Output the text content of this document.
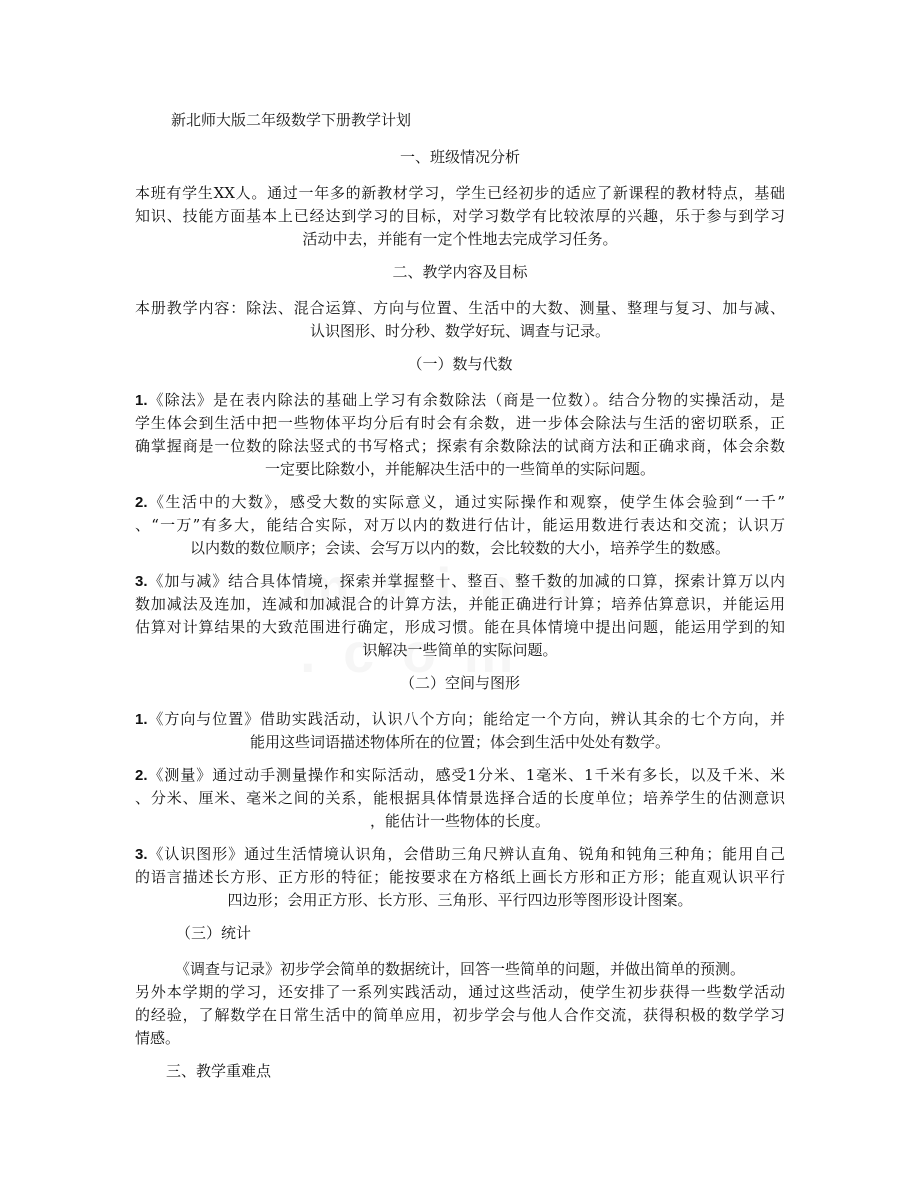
新北师大版二年级数学下册教学计划

一、班级情况分析

本班有学生XX人。通过一年多的新教材学习，学生已经初步的适应了新课程的教材特点，基础

知识、技能方面基本上已经达到学习的目标，对学习数学有比较浓厚的兴趣，乐于参与到学习

活动中去，并能有一定个性地去完成学习任务。

二、教学内容及目标

本册教学内容：除法、混合运算、方向与位置、生活中的大数、测量、整理与复习、加与减、

认识图形、时分秒、数学好玩、调查与记录。

（一）数与代数

1.《除法》是在表内除法的基础上学习有余数除法（商是一位数）。结合分物的实操活动，是

学生体会到生活中把一些物体平均分后有时会有余数，进一步体会除法与生活的密切联系，正

确掌握商是一位数的除法竖式的书写格式；探索有余数除法的试商方法和正确求商，体会余数

一定要比除数小，并能解决生活中的一些简单的实际问题。

2.《生活中的大数》，感受大数的实际意义，通过实际操作和观察，使学生体会验到“一千”

、“一万”有多大，能结合实际，对万以内的数进行估计，能运用数进行表达和交流；认识万

以内数的数位顺序；会读、会写万以内的数，会比较数的大小，培养学生的数感。

3.《加与减》结合具体情境，探索并掌握整十、整百、整千数的加减的口算，探索计算万以内

数加减法及连加，连减和加减混合的计算方法，并能正确进行计算；培养估算意识，并能运用

估算对计算结果的大致范围进行确定，形成习惯。能在具体情境中提出问题，能运用学到的知

识解决一些简单的实际问题。

（二）空间与图形

1.《方向与位置》借助实践活动，认识八个方向；能给定一个方向，辨认其余的七个方向，并

能用这些词语描述物体所在的位置；体会到生活中处处有数学。

2.《测量》通过动手测量操作和实际活动，感受1分米、1毫米、1千米有多长，以及千米、米

、分米、厘米、毫米之间的关系，能根据具体情景选择合适的长度单位；培养学生的估测意识

，能估计一些物体的长度。

3.《认识图形》通过生活情境认识角，会借助三角尺辨认直角、锐角和钝角三种角；能用自己

的语言描述长方形、正方形的特征；能按要求在方格纸上画长方形和正方形；能直观认识平行

四边形；会用正方形、长方形、三角形、平行四边形等图形设计图案。

（三）统计

《调查与记录》初步学会简单的数据统计，回答一些简单的问题，并做出简单的预测。

另外本学期的学习，还安排了一系列实践活动，通过这些活动，使学生初步获得一些数学活动

的经验，了解数学在日常生活中的简单应用，初步学会与他人合作交流，获得积极的数学学习

情感。

三、教学重难点
